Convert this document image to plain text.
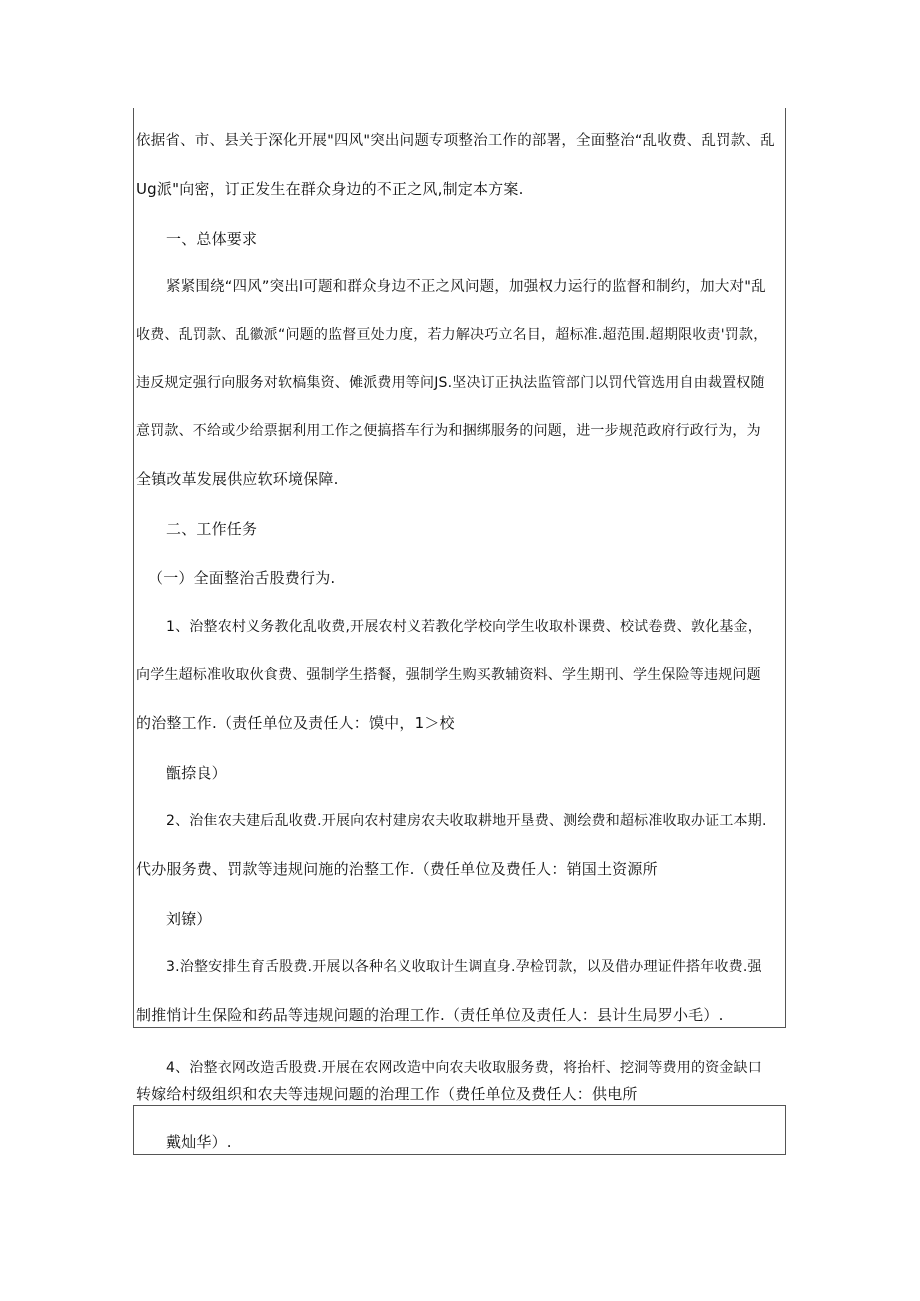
依据省、市、县关于深化开展"四风"突出问题专项整治工作的部署，全面整治“乱收费、乱罚款、乱
Ug派"向密，订正发生在群众身边的不正之风,制定本方案.
一、总体要求
紧紧围绕“四风”突出l可题和群众身边不正之风问题，加强权力运行的监督和制约，加大对"乱
收费、乱罚款、乱徽派“问题的监督亘处力度，若力解决巧立名目，超标准.超范围.超期限收责'罚款，
违反规定强行向服务对软槁集资、傩派费用等问JS.坚决订正执法监管部门以罚代管选用自由裁置权随
意罚款、不给或少给票据利用工作之便搞搭车行为和捆绑服务的问题，进一步规范政府行政行为，为
全镇改革发展供应软环境保障.
二、工作任务
（一）全面整治舌股费行为.
1、治整农村义务教化乱收费,开展农村义若教化学校向学生收取朴课费、校试卷费、敦化基金，
向学生超标准收取伙食费、强制学生搭餐，强制学生购买教辅资料、学生期刊、学生保险等违规问题
的治整工作.（责任单位及责任人：馍中，1＞校
甑捺良）
2、治隹农夫建后乱收费.开展向农村建房农夫收取耕地开垦费、测绘费和超标准收取办证工本期.
代办服务费、罚款等违规问施的治整工作.（费任单位及费任人：销国土资源所
刘镣）
3.治整安排生育舌股费.开展以各种名义收取计生调直身.孕检罚款，以及借办理证件搭年收费.强
制推悄计生保险和药品等违规问题的治理工作.（责任单位及责任人：县计生局罗小毛）.
4、治整衣网改造舌股费.开展在农网改造中向农夫收取服务费，将抬杆、挖洞等费用的资金缺口
转嫁给村级组织和农夫等违规问题的治理工作（费任单位及费任人：供电所
戴灿华）.
